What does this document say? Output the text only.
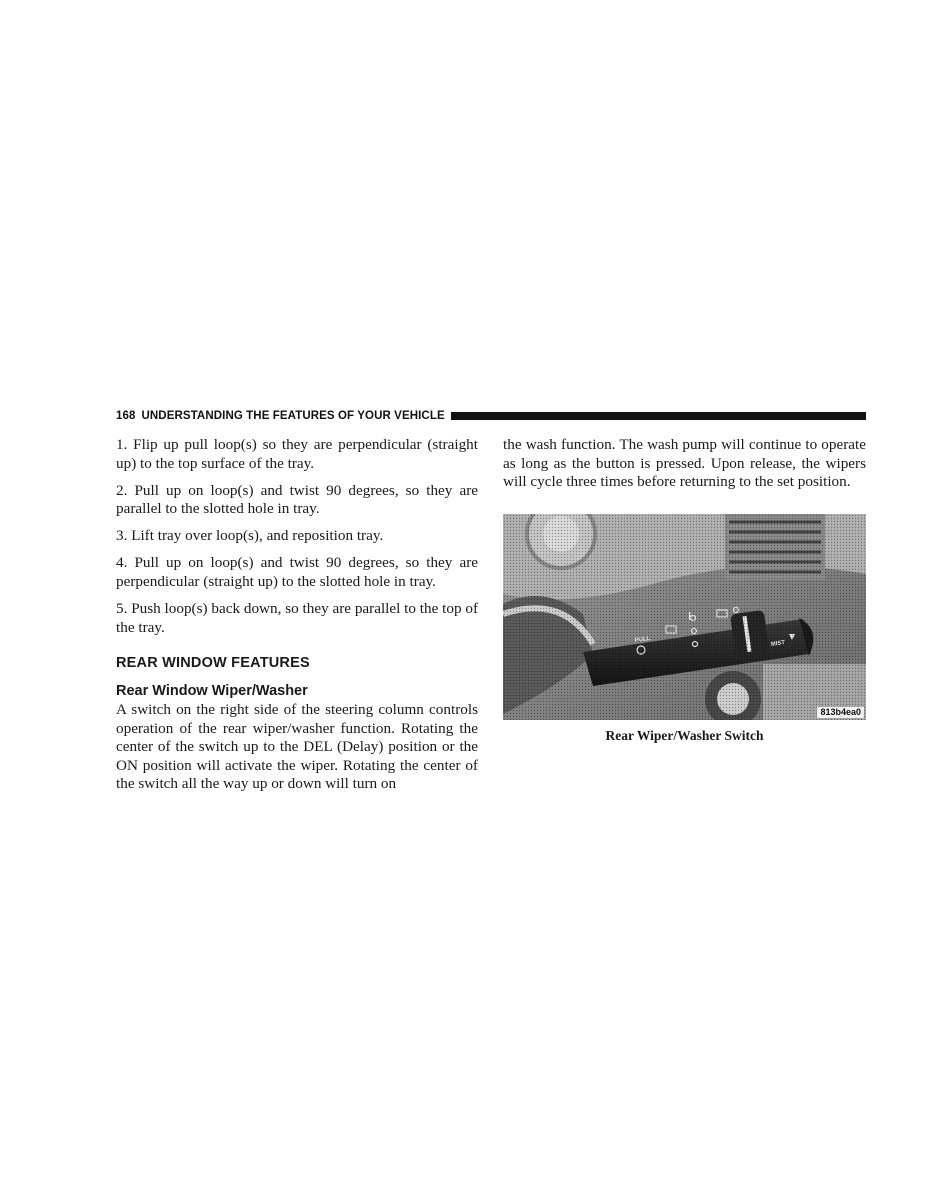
168 UNDERSTANDING THE FEATURES OF YOUR VEHICLE

1. Flip up pull loop(s) so they are perpendicular (straight up) to the top surface of the tray.

2. Pull up on loop(s) and twist 90 degrees, so they are parallel to the slotted hole in tray.

3. Lift tray over loop(s), and reposition tray.

4. Pull up on loop(s) and twist 90 degrees, so they are perpendicular (straight up) to the slotted hole in tray.

5. Push loop(s) back down, so they are parallel to the top of the tray.

REAR WINDOW FEATURES
Rear Window Wiper/Washer

A switch on the right side of the steering column controls operation of the rear wiper/washer function. Rotating the center of the switch up to the DEL (Delay) position or the ON position will activate the wiper. Rotating the center of the switch all the way up or down will turn on

the wash function. The wash pump will continue to operate as long as the button is pressed. Upon release, the wipers will cycle three times before returning to the set position.

813b4ea0
Rear Wiper/Washer Switch
